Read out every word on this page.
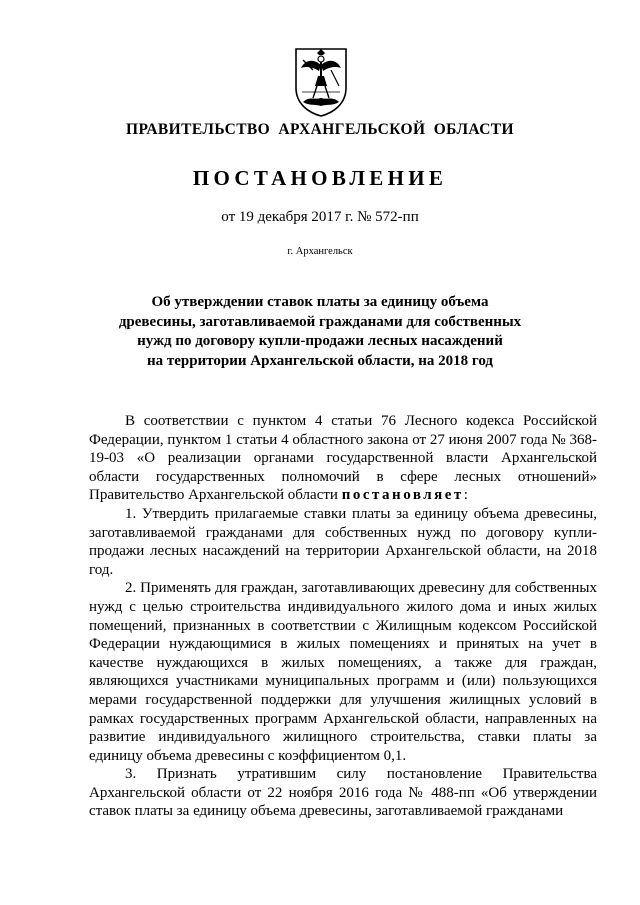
ПРАВИТЕЛЬСТВО АРХАНГЕЛЬСКОЙ ОБЛАСТИ
ПОСТАНОВЛЕНИЕ
от 19 декабря 2017 г. № 572-пп
г. Архангельск
Об утверждении ставок платы за единицу объема
древесины, заготавливаемой гражданами для собственных
нужд по договору купли-продажи лесных насаждений
на территории Архангельской области, на 2018 год

В соответствии с пунктом 4 статьи 76 Лесного кодекса Российской Федерации, пунктом 1 статьи 4 областного закона от 27 июня 2007 года № 368-19-03 «О реализации органами государственной власти Архангельской области государственных полномочий в сфере лесных отношений» Правительство Архангельской области постановляет:

1. Утвердить прилагаемые ставки платы за единицу объема древесины, заготавливаемой гражданами для собственных нужд по договору купли-продажи лесных насаждений на территории Архангельской области, на 2018 год.

2. Применять для граждан, заготавливающих древесину для собственных нужд с целью строительства индивидуального жилого дома и иных жилых помещений, признанных в соответствии с Жилищным кодексом Российской Федерации нуждающимися в жилых помещениях и принятых на учет в качестве нуждающихся в жилых помещениях, а также для граждан, являющихся участниками муниципальных программ и (или) пользующихся мерами государственной поддержки для улучшения жилищных условий в рамках государственных программ Архангельской области, направленных на развитие индивидуального жилищного строительства, ставки платы за единицу объема древесины с коэффициентом 0,1.

3. Признать утратившим силу постановление Правительства Архангельской области от 22 ноября 2016 года № 488-пп «Об утверждении ставок платы за единицу объема древесины, заготавливаемой гражданами
